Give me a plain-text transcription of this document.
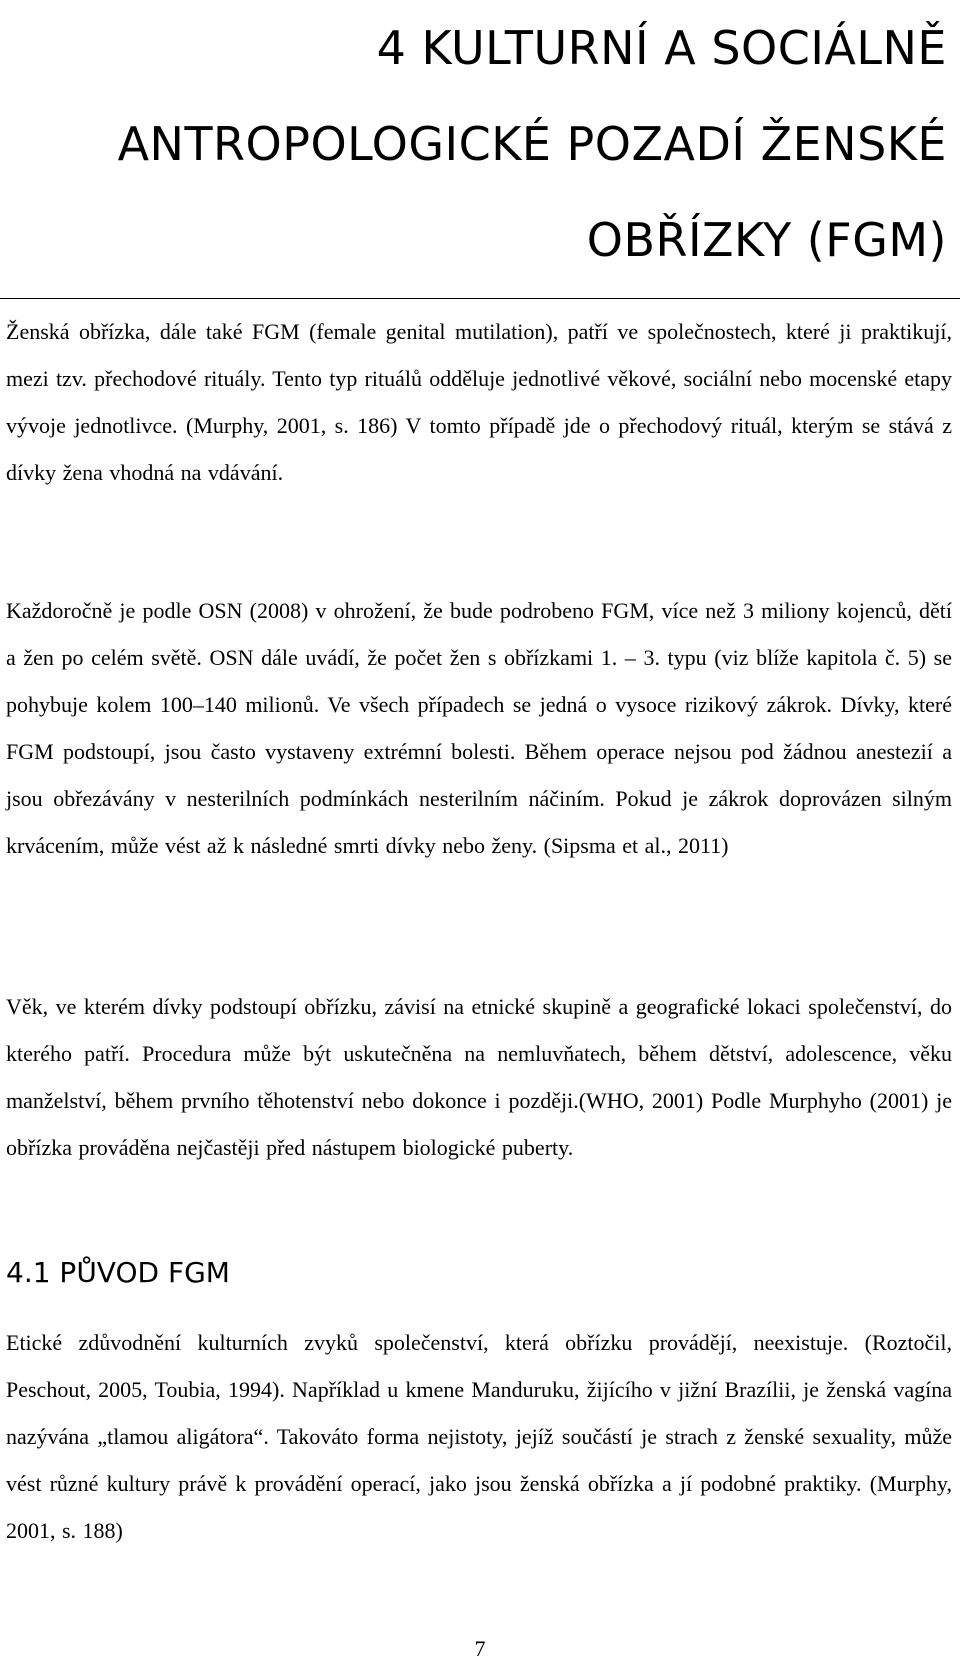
4 KULTURNÍ A SOCIÁLNĚ
ANTROPOLOGICKÉ POZADÍ ŽENSKÉ
OBŘÍZKY (FGM)

Ženská obřízka, dále také FGM (female genital mutilation), patří ve společnostech, které ji praktikují, mezi tzv. přechodové rituály. Tento typ rituálů odděluje jednotlivé věkové, sociální nebo mocenské etapy vývoje jednotlivce. (Murphy, 2001, s. 186) V tomto případě jde o přechodový rituál, kterým se stává z dívky žena vhodná na vdávání.

Každoročně je podle OSN (2008) v ohrožení, že bude podrobeno FGM, více než 3 miliony kojenců, dětí a žen po celém světě. OSN dále uvádí, že počet žen s obřízkami 1. – 3. typu (viz blíže kapitola č. 5) se pohybuje kolem 100–140 milionů. Ve všech případech se jedná o vysoce rizikový zákrok. Dívky, které FGM podstoupí, jsou často vystaveny extrémní bolesti. Během operace nejsou pod žádnou anestezií a jsou obřezávány v nesterilních podmínkách nesterilním náčiním. Pokud je zákrok doprovázen silným krvácením, může vést až k následné smrti dívky nebo ženy. (Sipsma et al., 2011)

Věk, ve kterém dívky podstoupí obřízku, závisí na etnické skupině a geografické lokaci společenství, do kterého patří. Procedura může být uskutečněna na nemluvňatech, během dětství, adolescence, věku manželství, během prvního těhotenství nebo dokonce i později.(WHO, 2001) Podle Murphyho (2001) je obřízka prováděna nejčastěji před nástupem biologické puberty.

4.1 PŮVOD FGM

Etické zdůvodnění kulturních zvyků společenství, která obřízku provádějí, neexistuje. (Roztočil, Peschout, 2005, Toubia, 1994). Například u kmene Manduruku, žijícího v jižní Brazílii, je ženská vagína nazývána „tlamou aligátora“. Takováto forma nejistoty, jejíž součástí je strach z ženské sexuality, může vést různé kultury právě k provádění operací, jako jsou ženská obřízka a jí podobné praktiky. (Murphy, 2001, s. 188)

7
